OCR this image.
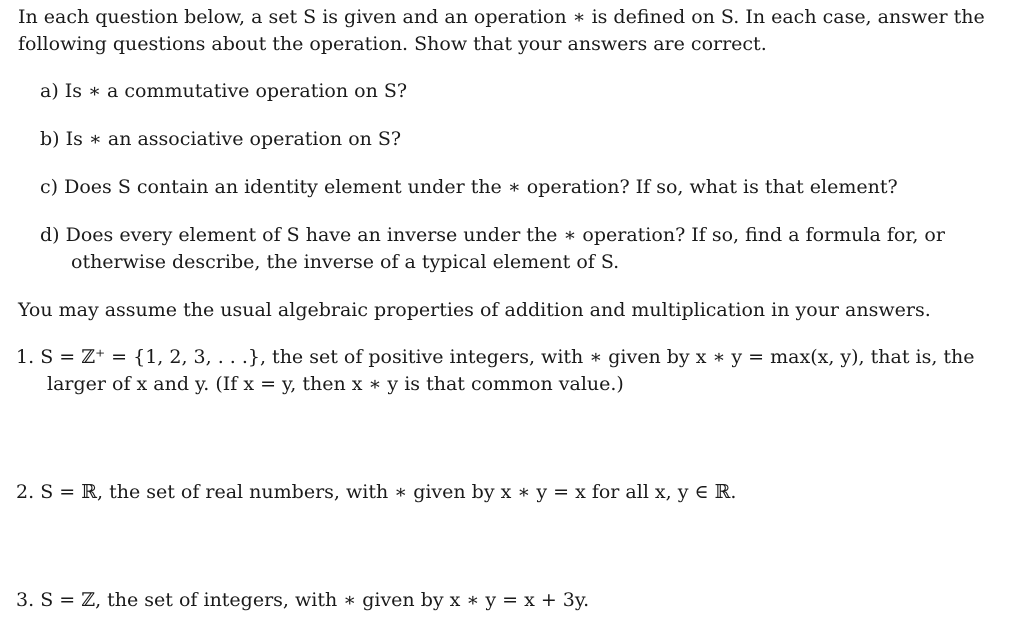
In each question below, a set S is given and an operation ∗ is defined on S. In each case, answer the following questions about the operation. Show that your answers are correct.

a) Is ∗ a commutative operation on S?
b) Is ∗ an associative operation on S?
c) Does S contain an identity element under the ∗ operation? If so, what is that element?
d) Does every element of S have an inverse under the ∗ operation? If so, find a formula for, or otherwise describe, the inverse of a typical element of S.

You may assume the usual algebraic properties of addition and multiplication in your answers.

1. S = ℤ⁺ = {1, 2, 3, . . .}, the set of positive integers, with ∗ given by x ∗ y = max(x, y), that is, the larger of x and y. (If x = y, then x ∗ y is that common value.)
2. S = ℝ, the set of real numbers, with ∗ given by x ∗ y = x for all x, y ∈ ℝ.
3. S = ℤ, the set of integers, with ∗ given by x ∗ y = x + 3y.
